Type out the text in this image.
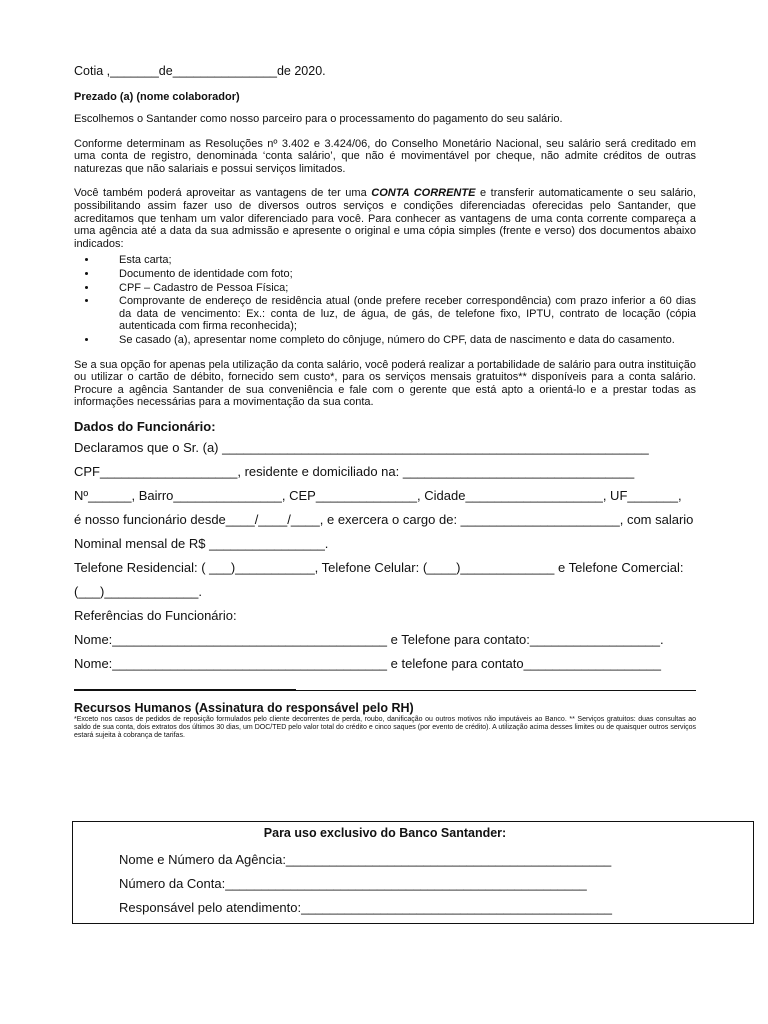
Cotia ,_______de_______________de 2020.

Prezado (a) (nome colaborador)

Escolhemos o Santander como nosso parceiro para o processamento do pagamento do seu salário.

Conforme determinam as Resoluções nº 3.402 e 3.424/06, do Conselho Monetário Nacional, seu salário será creditado em uma conta de registro, denominada ‘conta salário’, que não é movimentável por cheque, não admite créditos de outras naturezas que não salariais e possui serviços limitados.

Você também poderá aproveitar as vantagens de ter uma CONTA CORRENTE e transferir automaticamente o seu salário, possibilitando assim fazer uso de diversos outros serviços e condições diferenciadas oferecidas pelo Santander, que acreditamos que tenham um valor diferenciado para você. Para conhecer as vantagens de uma conta corrente compareça a uma agência até a data da sua admissão e apresente o original e uma cópia simples (frente e verso) dos documentos abaixo indicados:

• Esta carta;
• Documento de identidade com foto;
• CPF – Cadastro de Pessoa Física;
• Comprovante de endereço de residência atual (onde prefere receber correspondência) com prazo inferior a 60 dias da data de vencimento: Ex.: conta de luz, de água, de gás, de telefone fixo, IPTU, contrato de locação (cópia autenticada com firma reconhecida);
• Se casado (a), apresentar nome completo do cônjuge, número do CPF, data de nascimento e data do casamento.

Se a sua opção for apenas pela utilização da conta salário, você poderá realizar a portabilidade de salário para outra instituição ou utilizar o cartão de débito, fornecido sem custo*, para os serviços mensais gratuitos** disponíveis para a conta salário. Procure a agência Santander de sua conveniência e fale com o gerente que está apto a orientá-lo e a prestar todas as informações necessárias para a movimentação da sua conta.

Dados do Funcionário:

Declaramos que o Sr. (a) ___________________________________________________________

CPF___________________, residente e domiciliado na: ________________________________

Nº______, Bairro_______________, CEP______________, Cidade___________________, UF_______,

é nosso funcionário desde____/____/____, e exercera o cargo de: ______________________, com salario

Nominal mensal de R$ ________________.

Telefone Residencial: ( ___)___________, Telefone Celular: (____)_____________ e Telefone Comercial:

(___)_____________.

Referências do Funcionário:

Nome:______________________________________ e Telefone para contato:__________________.

Nome:______________________________________ e telefone para contato___________________

Recursos Humanos (Assinatura do responsável pelo RH)

*Exceto nos casos de pedidos de reposição formulados pelo cliente decorrentes de perda, roubo, danificação ou outros motivos não imputáveis ao Banco. ** Serviços gratuitos: duas consultas ao saldo de sua conta, dois extratos dos últimos 30 dias, um DOC/TED pelo valor total do crédito e cinco saques (por evento de crédito). A utilização acima desses limites ou de quaisquer outros serviços estará sujeita à cobrança de tarifas.

Para uso exclusivo do Banco Santander:

Nome e Número da Agência:_____________________________________________

Número da Conta:__________________________________________________

Responsável pelo atendimento:___________________________________________
